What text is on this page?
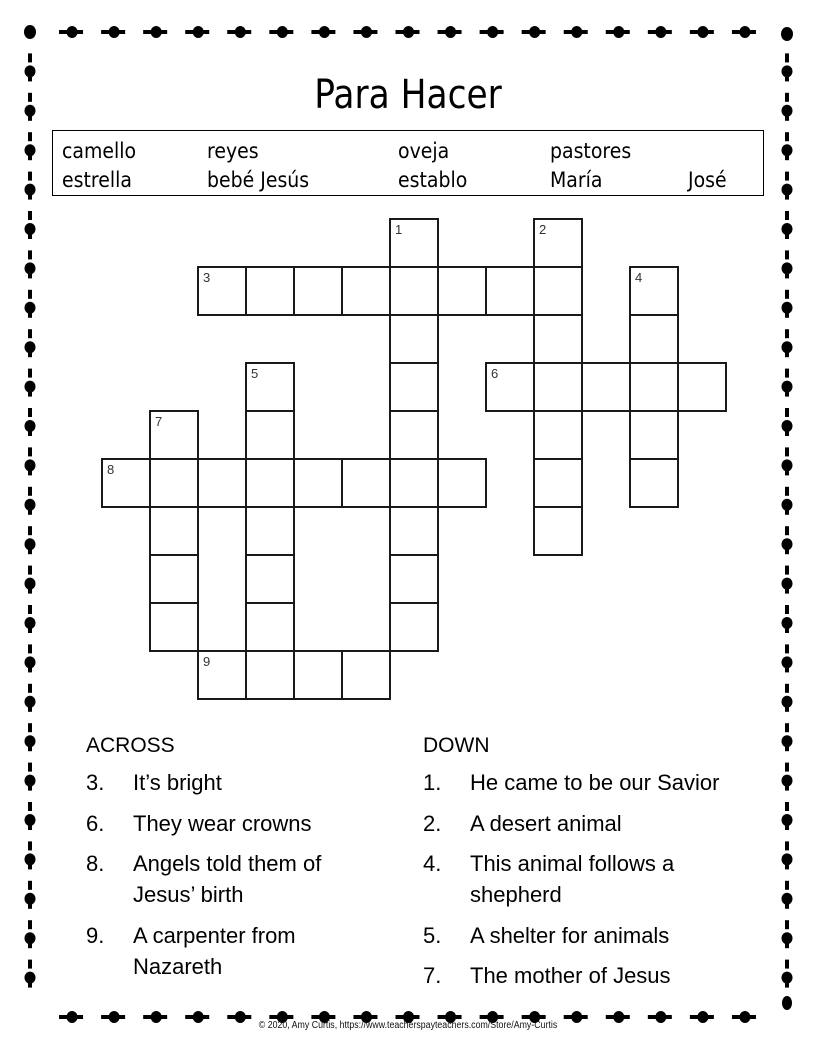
Para Hacer
camello	reyes	oveja	pastores
estrella	bebé Jesús	establo	María	José
1	2
3	4
5	6
7
8
9
ACROSS
3. It’s bright
6. They wear crowns
8. Angels told them of Jesus’ birth
9. A carpenter from Nazareth
DOWN
1. He came to be our Savior
2. A desert animal
4. This animal follows a shepherd
5. A shelter for animals
7. The mother of Jesus
© 2020, Amy Curtis, https://www.teacherspayteachers.com/Store/Amy-Curtis
